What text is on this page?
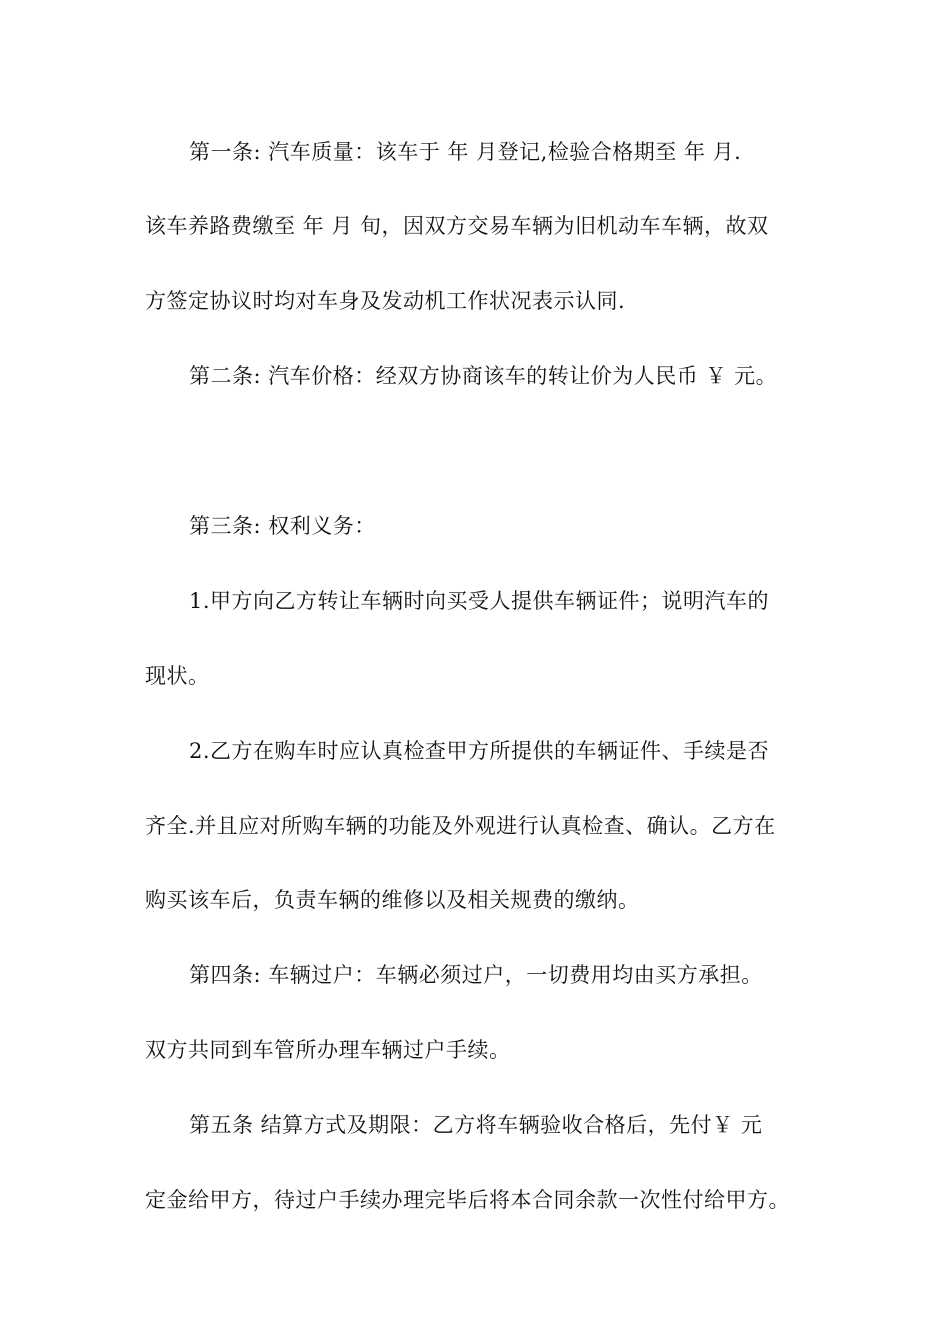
第一条: 汽车质量：该车于 年 月登记,检验合格期至 年 月.
该车养路费缴至 年 月 旬，因双方交易车辆为旧机动车车辆，故双
方签定协议时均对车身及发动机工作状况表示认同.
第二条: 汽车价格：经双方协商该车的转让价为人民币 ￥ 元。
第三条: 权利义务：
1.甲方向乙方转让车辆时向买受人提供车辆证件；说明汽车的
现状。
2.乙方在购车时应认真检查甲方所提供的车辆证件、手续是否
齐全.并且应对所购车辆的功能及外观进行认真检查、确认。乙方在
购买该车后，负责车辆的维修以及相关规费的缴纳。
第四条: 车辆过户：车辆必须过户，一切费用均由买方承担。
双方共同到车管所办理车辆过户手续。
第五条 结算方式及期限：乙方将车辆验收合格后，先付￥ 元
定金给甲方，待过户手续办理完毕后将本合同余款一次性付给甲方。
